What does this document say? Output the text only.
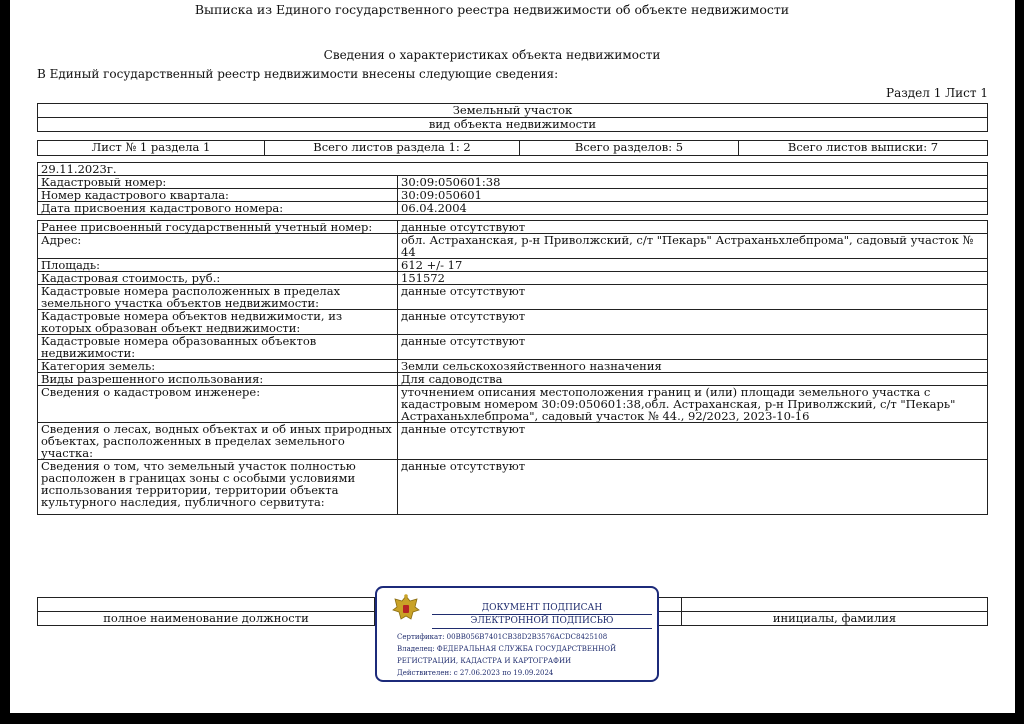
Выписка из Единого государственного реестра недвижимости об объекте недвижимости
Сведения о характеристиках объекта недвижимости
В Единый государственный реестр недвижимости внесены следующие сведения:
Раздел 1 Лист 1
Земельный участок
вид объекта недвижимости
Лист № 1 раздела 1	Всего листов раздела 1: 2	Всего разделов: 5	Всего листов выписки: 7
29.11.2023г.	
Кадастровый номер:	30:09:050601:38
Номер кадастрового квартала:	30:09:050601
Дата присвоения кадастрового номера:	06.04.2004

Ранее присвоенный государственный учетный номер:	данные отсутствуют
Адрес:	обл. Астраханская, р-н Приволжский, с/т "Пекарь" Астраханьхлебпрома", садовый участок № 44
Площадь:	612 +/- 17
Кадастровая стоимость, руб.:	151572
Кадастровые номера расположенных в пределах земельного участка объектов недвижимости:	данные отсутствуют
Кадастровые номера объектов недвижимости, из которых образован объект недвижимости:	данные отсутствуют
Кадастровые номера образованных объектов недвижимости:	данные отсутствуют
Категория земель:	Земли сельскохозяйственного назначения
Виды разрешенного использования:	Для садоводства
Сведения о кадастровом инженере:	уточнением описания местоположения границ и (или) площади земельного участка с кадастровым номером 30:09:050601:38,обл. Астраханская, р-н Приволжский, с/т "Пекарь" Астраханьхлебпрома", садовый участок № 44., 92/2023, 2023-10-16
Сведения о лесах, водных объектах и об иных природных объектах, расположенных в пределах земельного участка:	данные отсутствуют
Сведения о том, что земельный участок полностью расположен в границах зоны с особыми условиями использования территории, территории объекта культурного наследия, публичного сервитута:	данные отсутствуют

полное наименование должности		инициалы, фамилия
ДОКУМЕНТ ПОДПИСАН
ЭЛЕКТРОННОЙ ПОДПИСЬЮ
Сертификат: 00BB056B7401CB38D2B3576ACDC8425108
Владелец: ФЕДЕРАЛЬНАЯ СЛУЖБА ГОСУДАРСТВЕННОЙ
РЕГИСТРАЦИИ, КАДАСТРА И КАРТОГРАФИИ
Действителен: с 27.06.2023 по 19.09.2024
